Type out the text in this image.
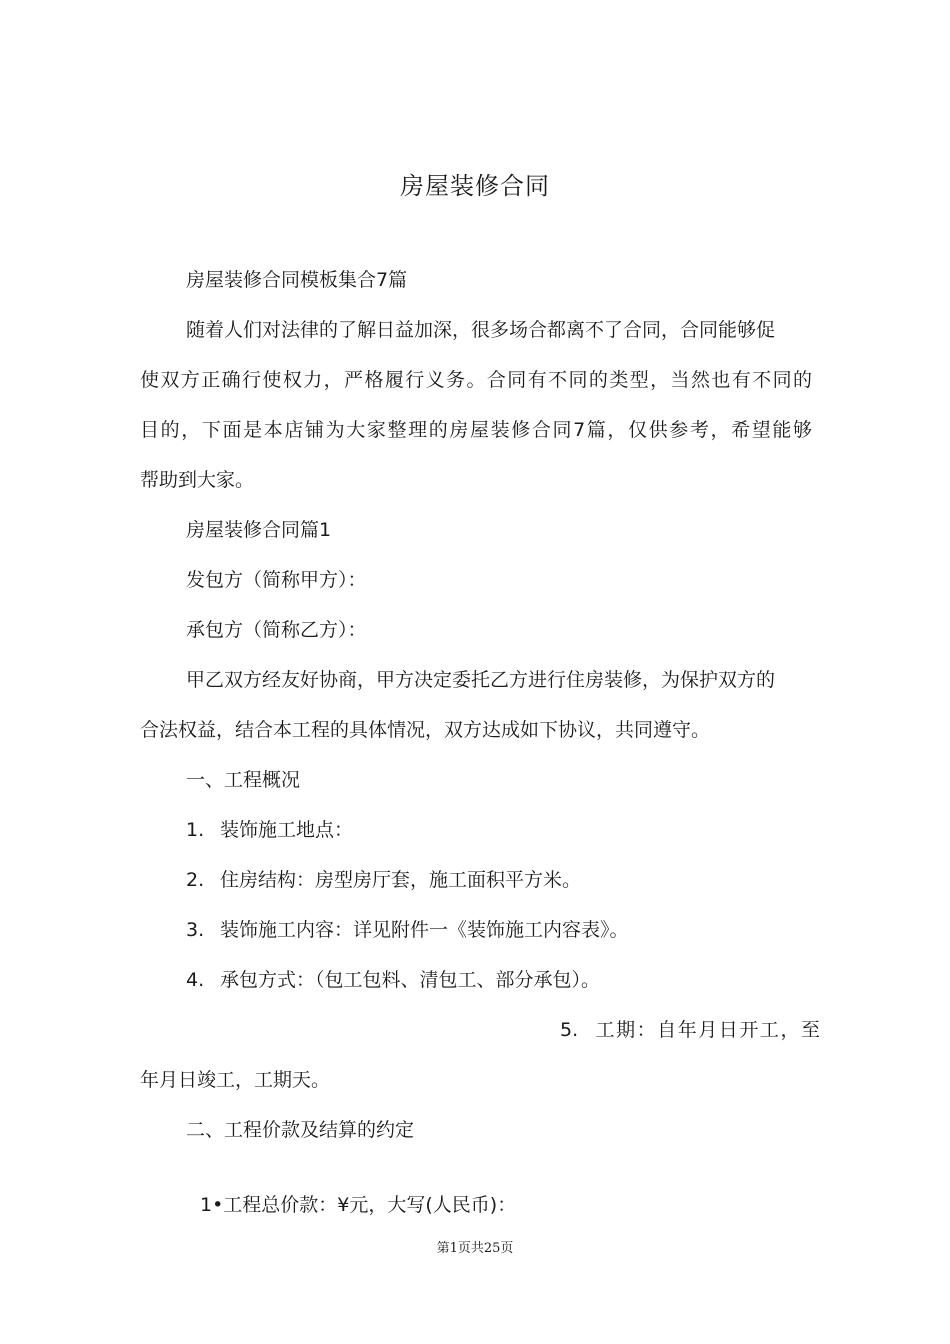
房屋装修合同
房屋装修合同模板集合7篇
随着人们对法律的了解日益加深，很多场合都离不了合同，合同能够促
使双方正确行使权力，严格履行义务。合同有不同的类型，当然也有不同的
目的，下面是本店铺为大家整理的房屋装修合同7篇，仅供参考，希望能够
帮助到大家。
房屋装修合同篇1
发包方（简称甲方）：
承包方（简称乙方）：
甲乙双方经友好协商，甲方决定委托乙方进行住房装修，为保护双方的
合法权益，结合本工程的具体情况，双方达成如下协议，共同遵守。
一、工程概况
1. 装饰施工地点：
2. 住房结构：房型房厅套，施工面积平方米。
3. 装饰施工内容：详见附件一《装饰施工内容表》。
4. 承包方式：（包工包料、清包工、部分承包）。
5. 工期：自年月日开工，至
年月日竣工，工期天。
二、工程价款及结算的约定
1•工程总价款：¥元，大写(人民币)：
第1页共25页
